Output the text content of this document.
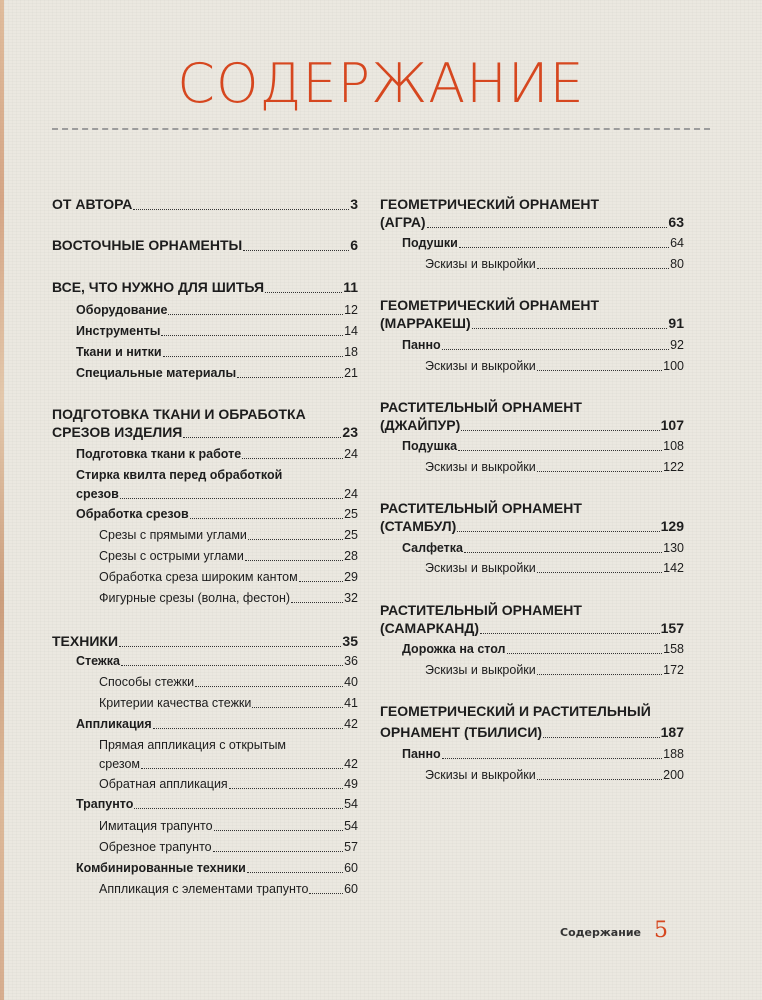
СОДЕРЖАНИЕ
ОТ АВТОРА	3
ВОСТОЧНЫЕ ОРНАМЕНТЫ	6
ВСЕ, ЧТО НУЖНО ДЛЯ ШИТЬЯ	11
Оборудование	12
Инструменты	14
Ткани и нитки	18
Специальные материалы	21
ПОДГОТОВКА ТКАНИ И ОБРАБОТКА
СРЕЗОВ ИЗДЕЛИЯ	23
Подготовка ткани к работе	24
Стирка квилта перед обработкой
срезов	24
Обработка срезов	25
Срезы с прямыми углами	25
Срезы с острыми углами	28
Обработка среза широким кантом	29
Фигурные срезы (волна, фестон)	32
ТЕХНИКИ	35
Стежка	36
Способы стежки	40
Критерии качества стежки	41
Аппликация	42
Прямая аппликация с открытым
срезом	42
Обратная аппликация	49
Трапунто	54
Имитация трапунто	54
Обрезное трапунто	57
Комбинированные техники	60
Аппликация с элементами трапунто	60
ГЕОМЕТРИЧЕСКИЙ ОРНАМЕНТ
(АГРА)	63
Подушки	64
Эскизы и выкройки	80
ГЕОМЕТРИЧЕСКИЙ ОРНАМЕНТ
(МАРРАКЕШ)	91
Панно	92
Эскизы и выкройки	100
РАСТИТЕЛЬНЫЙ ОРНАМЕНТ
(ДЖАЙПУР)	107
Подушка	108
Эскизы и выкройки	122
РАСТИТЕЛЬНЫЙ ОРНАМЕНТ
(СТАМБУЛ)	129
Салфетка	130
Эскизы и выкройки	142
РАСТИТЕЛЬНЫЙ ОРНАМЕНТ
(САМАРКАНД)	157
Дорожка на стол	158
Эскизы и выкройки	172
ГЕОМЕТРИЧЕСКИЙ И РАСТИТЕЛЬНЫЙ
ОРНАМЕНТ (ТБИЛИСИ)	187
Панно	188
Эскизы и выкройки	200
Содержание 5
